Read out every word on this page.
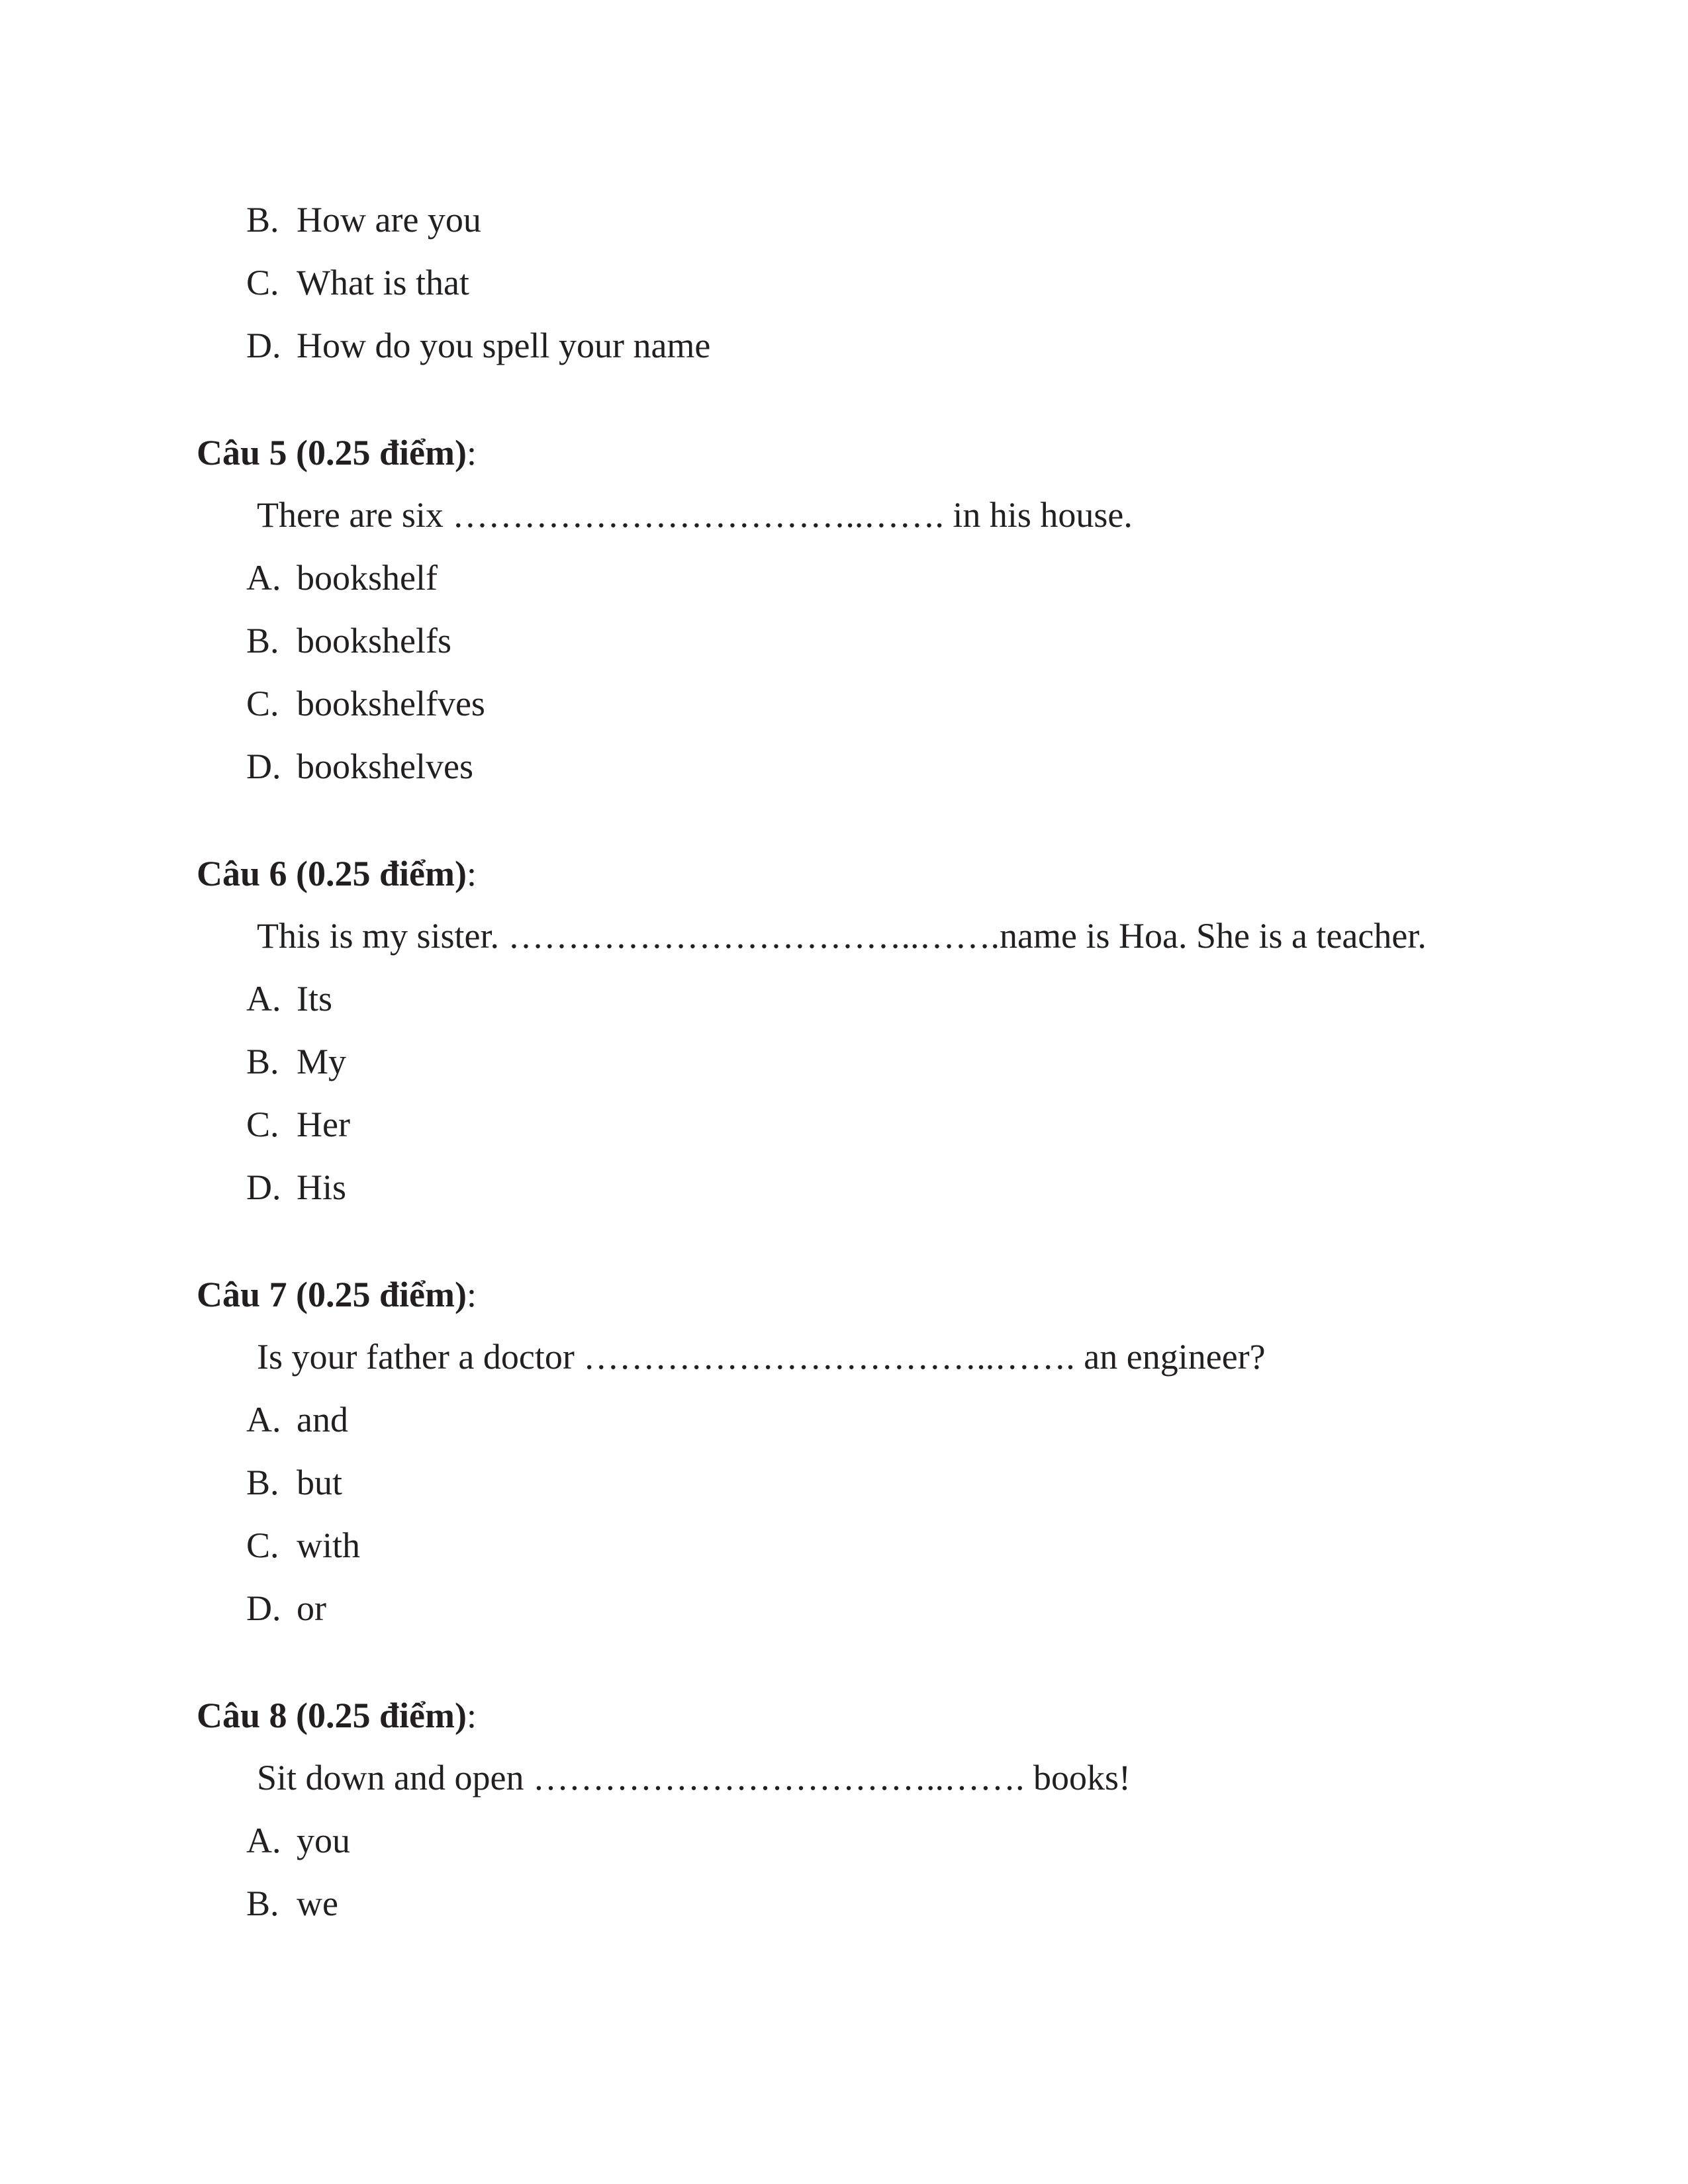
B. How are you
C. What is that
D. How do you spell your name
Câu 5 (0.25 điểm):
There are six ……………………………..……. in his house.
A. bookshelf
B. bookshelfs
C. bookshelfves
D. bookshelves
Câu 6 (0.25 điểm):
This is my sister. ……………………………..…….name is Hoa. She is a teacher.
A. Its
B. My
C. Her
D. His
Câu 7 (0.25 điểm):
Is your father a doctor ……………………………..……. an engineer?
A. and
B. but
C. with
D. or
Câu 8 (0.25 điểm):
Sit down and open ……………………………..……. books!
A. you
B. we
